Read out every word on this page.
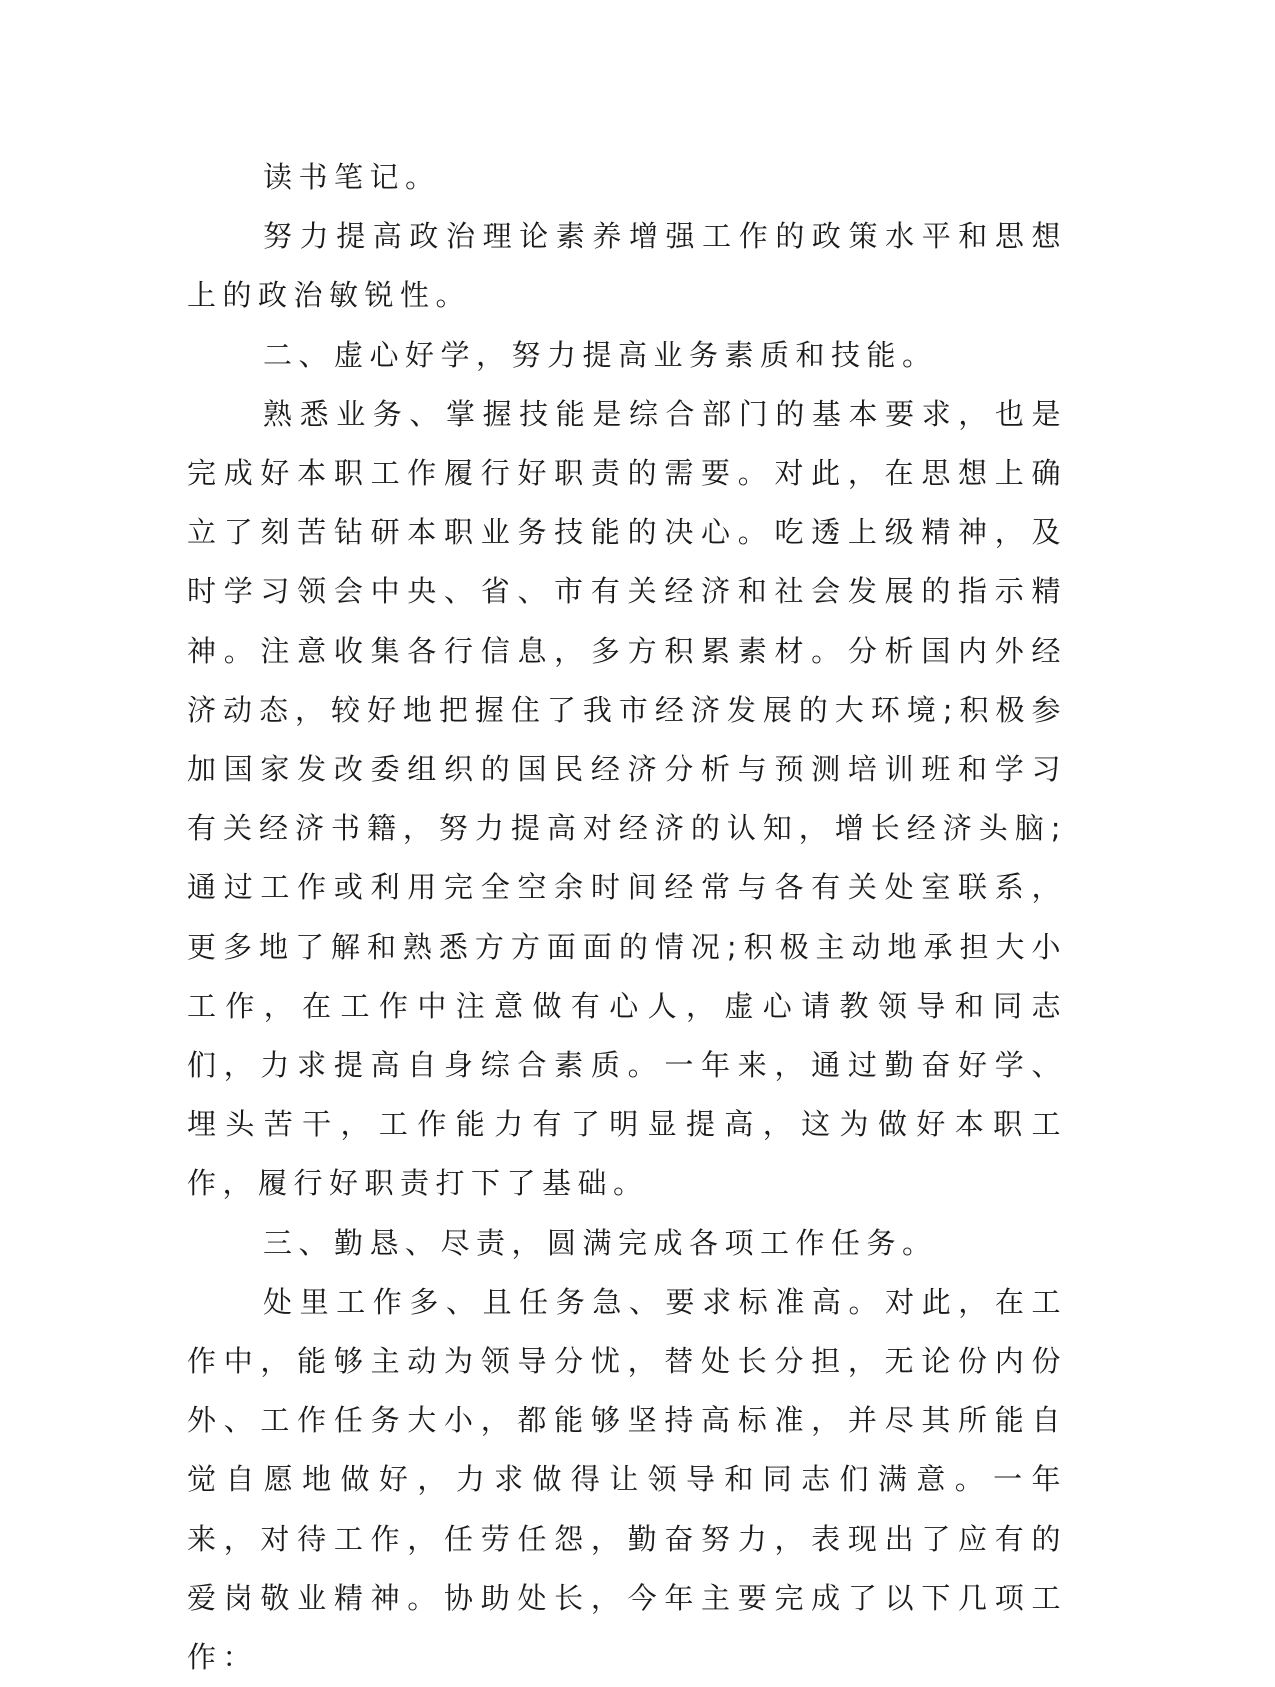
读书笔记。

努力提高政治理论素养增强工作的政策水平和思想上的政治敏锐性。

二、虚心好学，努力提高业务素质和技能。

熟悉业务、掌握技能是综合部门的基本要求，也是完成好本职工作履行好职责的需要。对此，在思想上确立了刻苦钻研本职业务技能的决心。吃透上级精神，及时学习领会中央、省、市有关经济和社会发展的指示精神。注意收集各行信息，多方积累素材。分析国内外经济动态，较好地把握住了我市经济发展的大环境;积极参加国家发改委组织的国民经济分析与预测培训班和学习有关经济书籍，努力提高对经济的认知，增长经济头脑;通过工作或利用完全空余时间经常与各有关处室联系，更多地了解和熟悉方方面面的情况;积极主动地承担大小工作，在工作中注意做有心人，虚心请教领导和同志们，力求提高自身综合素质。一年来，通过勤奋好学、埋头苦干，工作能力有了明显提高，这为做好本职工作，履行好职责打下了基础。

三、勤恳、尽责，圆满完成各项工作任务。

处里工作多、且任务急、要求标准高。对此，在工作中，能够主动为领导分忧，替处长分担，无论份内份外、工作任务大小，都能够坚持高标准，并尽其所能自觉自愿地做好，力求做得让领导和同志们满意。一年来，对待工作，任劳任怨，勤奋努力，表现出了应有的爱岗敬业精神。协助处长，今年主要完成了以下几项工作：
